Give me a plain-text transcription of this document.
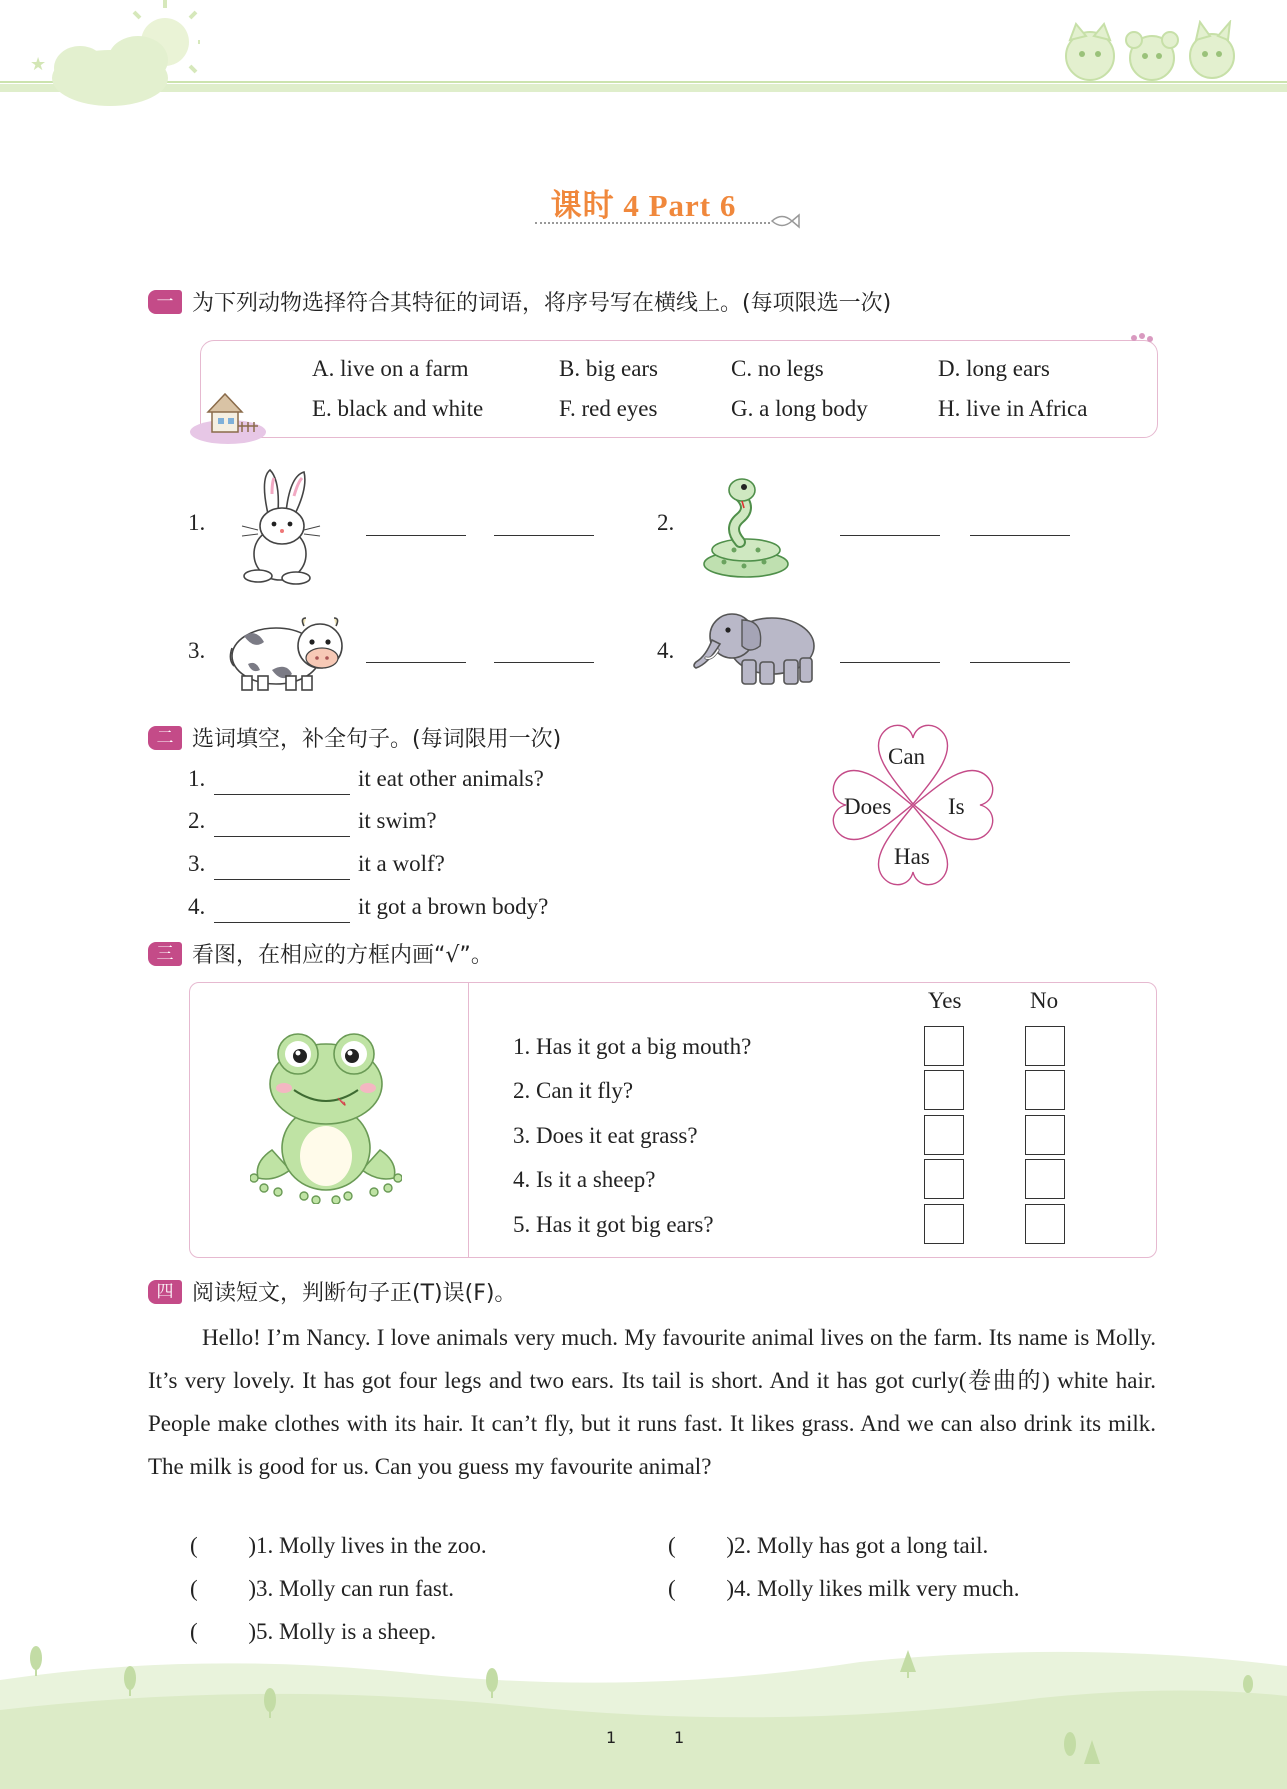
★
课时 4 Part 6
一 为下列动物选择符合其特征的词语，将序号写在横线上。(每项限选一次)
A. live on a farm	B. big ears	C. no legs	D. long ears
E. black and white	F. red eyes	G. a long body	H. live in Africa
1.	2.
3.	4.
二 选词填空，补全句子。(每词限用一次)
1.	it eat other animals?
2.	it swim?
3.	it a wolf?
4.	it got a brown body?
Can
Does Is
Has
三 看图，在相应的方框内画“√”。
Yes	No
1. Has it got a big mouth?
2. Can it fly?
3. Does it eat grass?
4. Is it a sheep?
5. Has it got big ears?
四 阅读短文，判断句子正(T)误(F)。

Hello! I’m Nancy. I love animals very much. My favourite animal lives on the farm. Its name is Molly. It’s very lovely. It has got four legs and two ears. Its tail is short. And it has got curly(卷曲的) white hair. People make clothes with its hair. It can’t fly, but it runs fast. It likes grass. And we can also drink its milk. The milk is good for us. Can you guess my favourite animal?

( ) 1. Molly lives in the zoo.	( ) 2. Molly has got a long tail.
( ) 3. Molly can run fast.	( ) 4. Molly likes milk very much.
( ) 5. Molly is a sheep.
1	1
